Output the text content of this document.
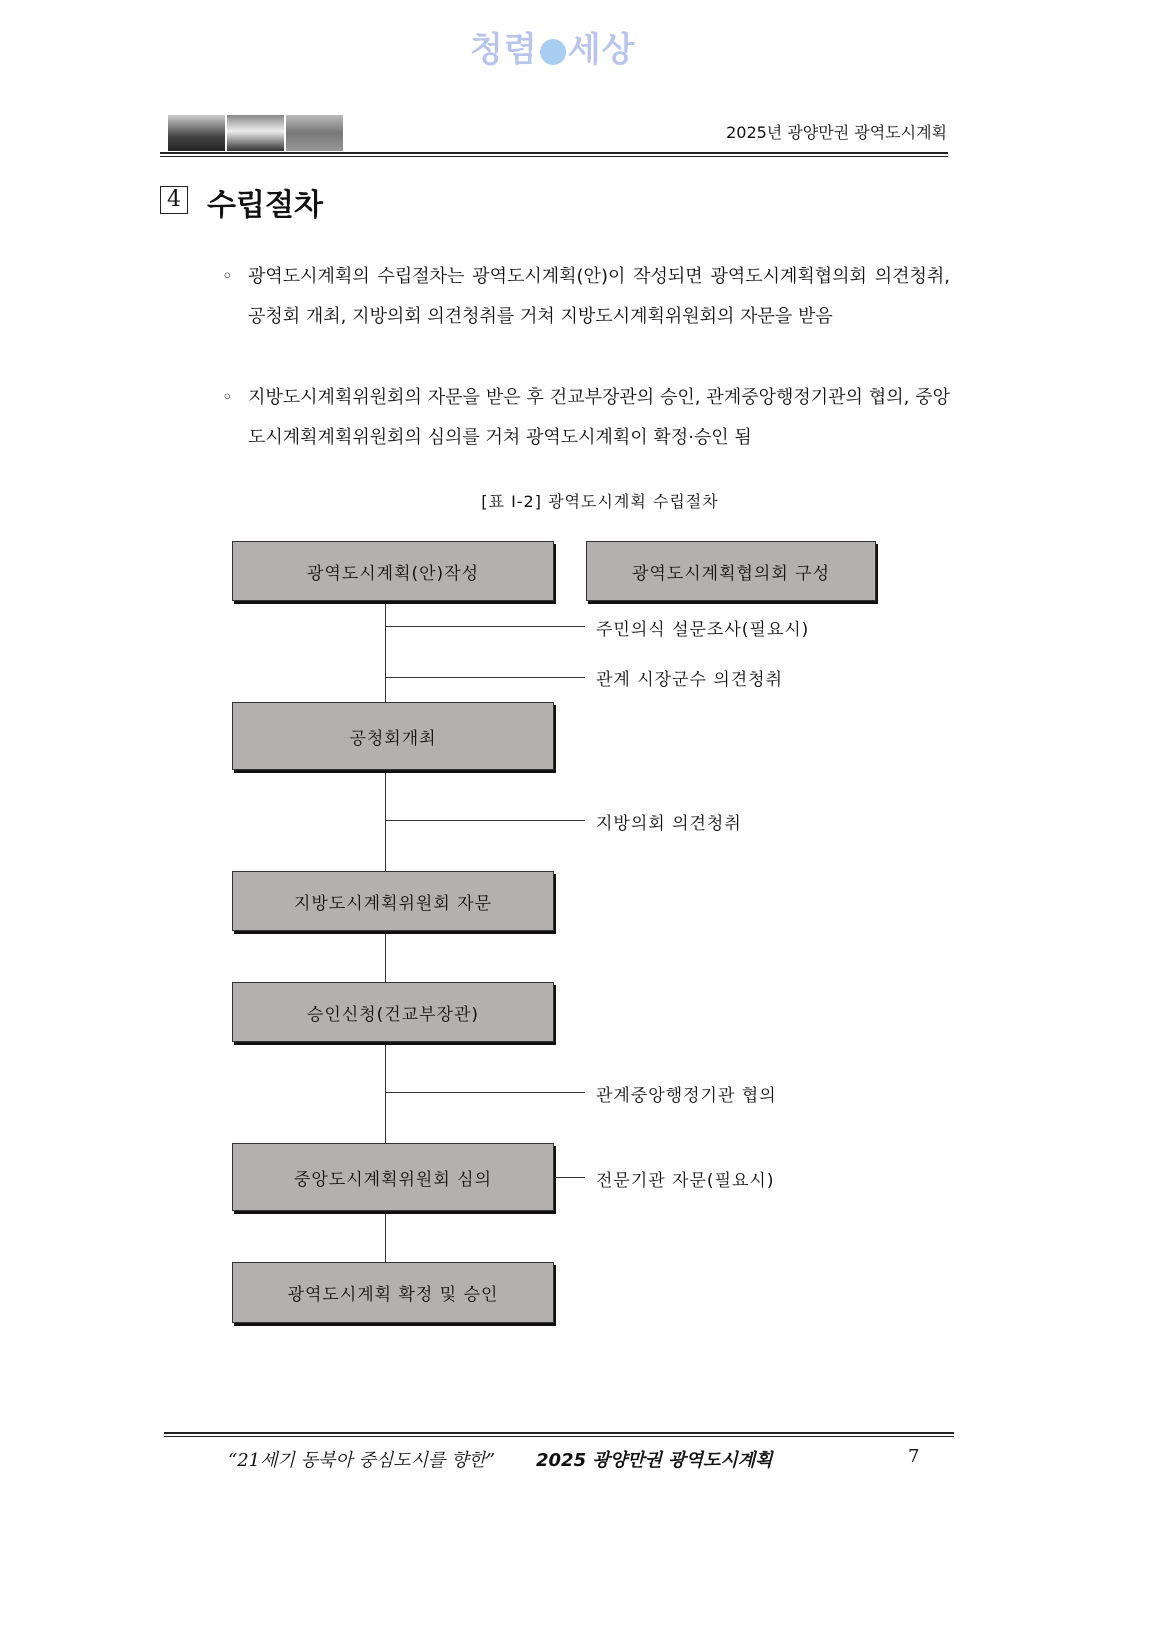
청렴 세상
2025년 광양만권 광역도시계획
4 수립절차
◦ 광역도시계획의 수립절차는 광역도시계획(안)이 작성되면 광역도시계획협의회 의견청취, 공청회 개최, 지방의회 의견청취를 거쳐 지방도시계획위원회의 자문을 받음
◦ 지방도시계획위원회의 자문을 받은 후 건교부장관의 승인, 관계중앙행정기관의 협의, 중앙도시계획계획위원회의 심의를 거쳐 광역도시계획이 확정·승인 됨
[표 Ⅰ-2] 광역도시계획 수립절차
광역도시계획(안)작성	광역도시계획협의회 구성
공청회개최
지방도시계획위원회 자문
승인신청(건교부장관)
중앙도시계획위원회 심의
광역도시계획 확정 및 승인
주민의식 설문조사(필요시)
관계 시장군수 의견청취
지방의회 의견청취
관계중앙행정기관 협의
전문기관 자문(필요시)
“21세기 동북아 중심도시를 향한” 2025 광양만권 광역도시계획	7
